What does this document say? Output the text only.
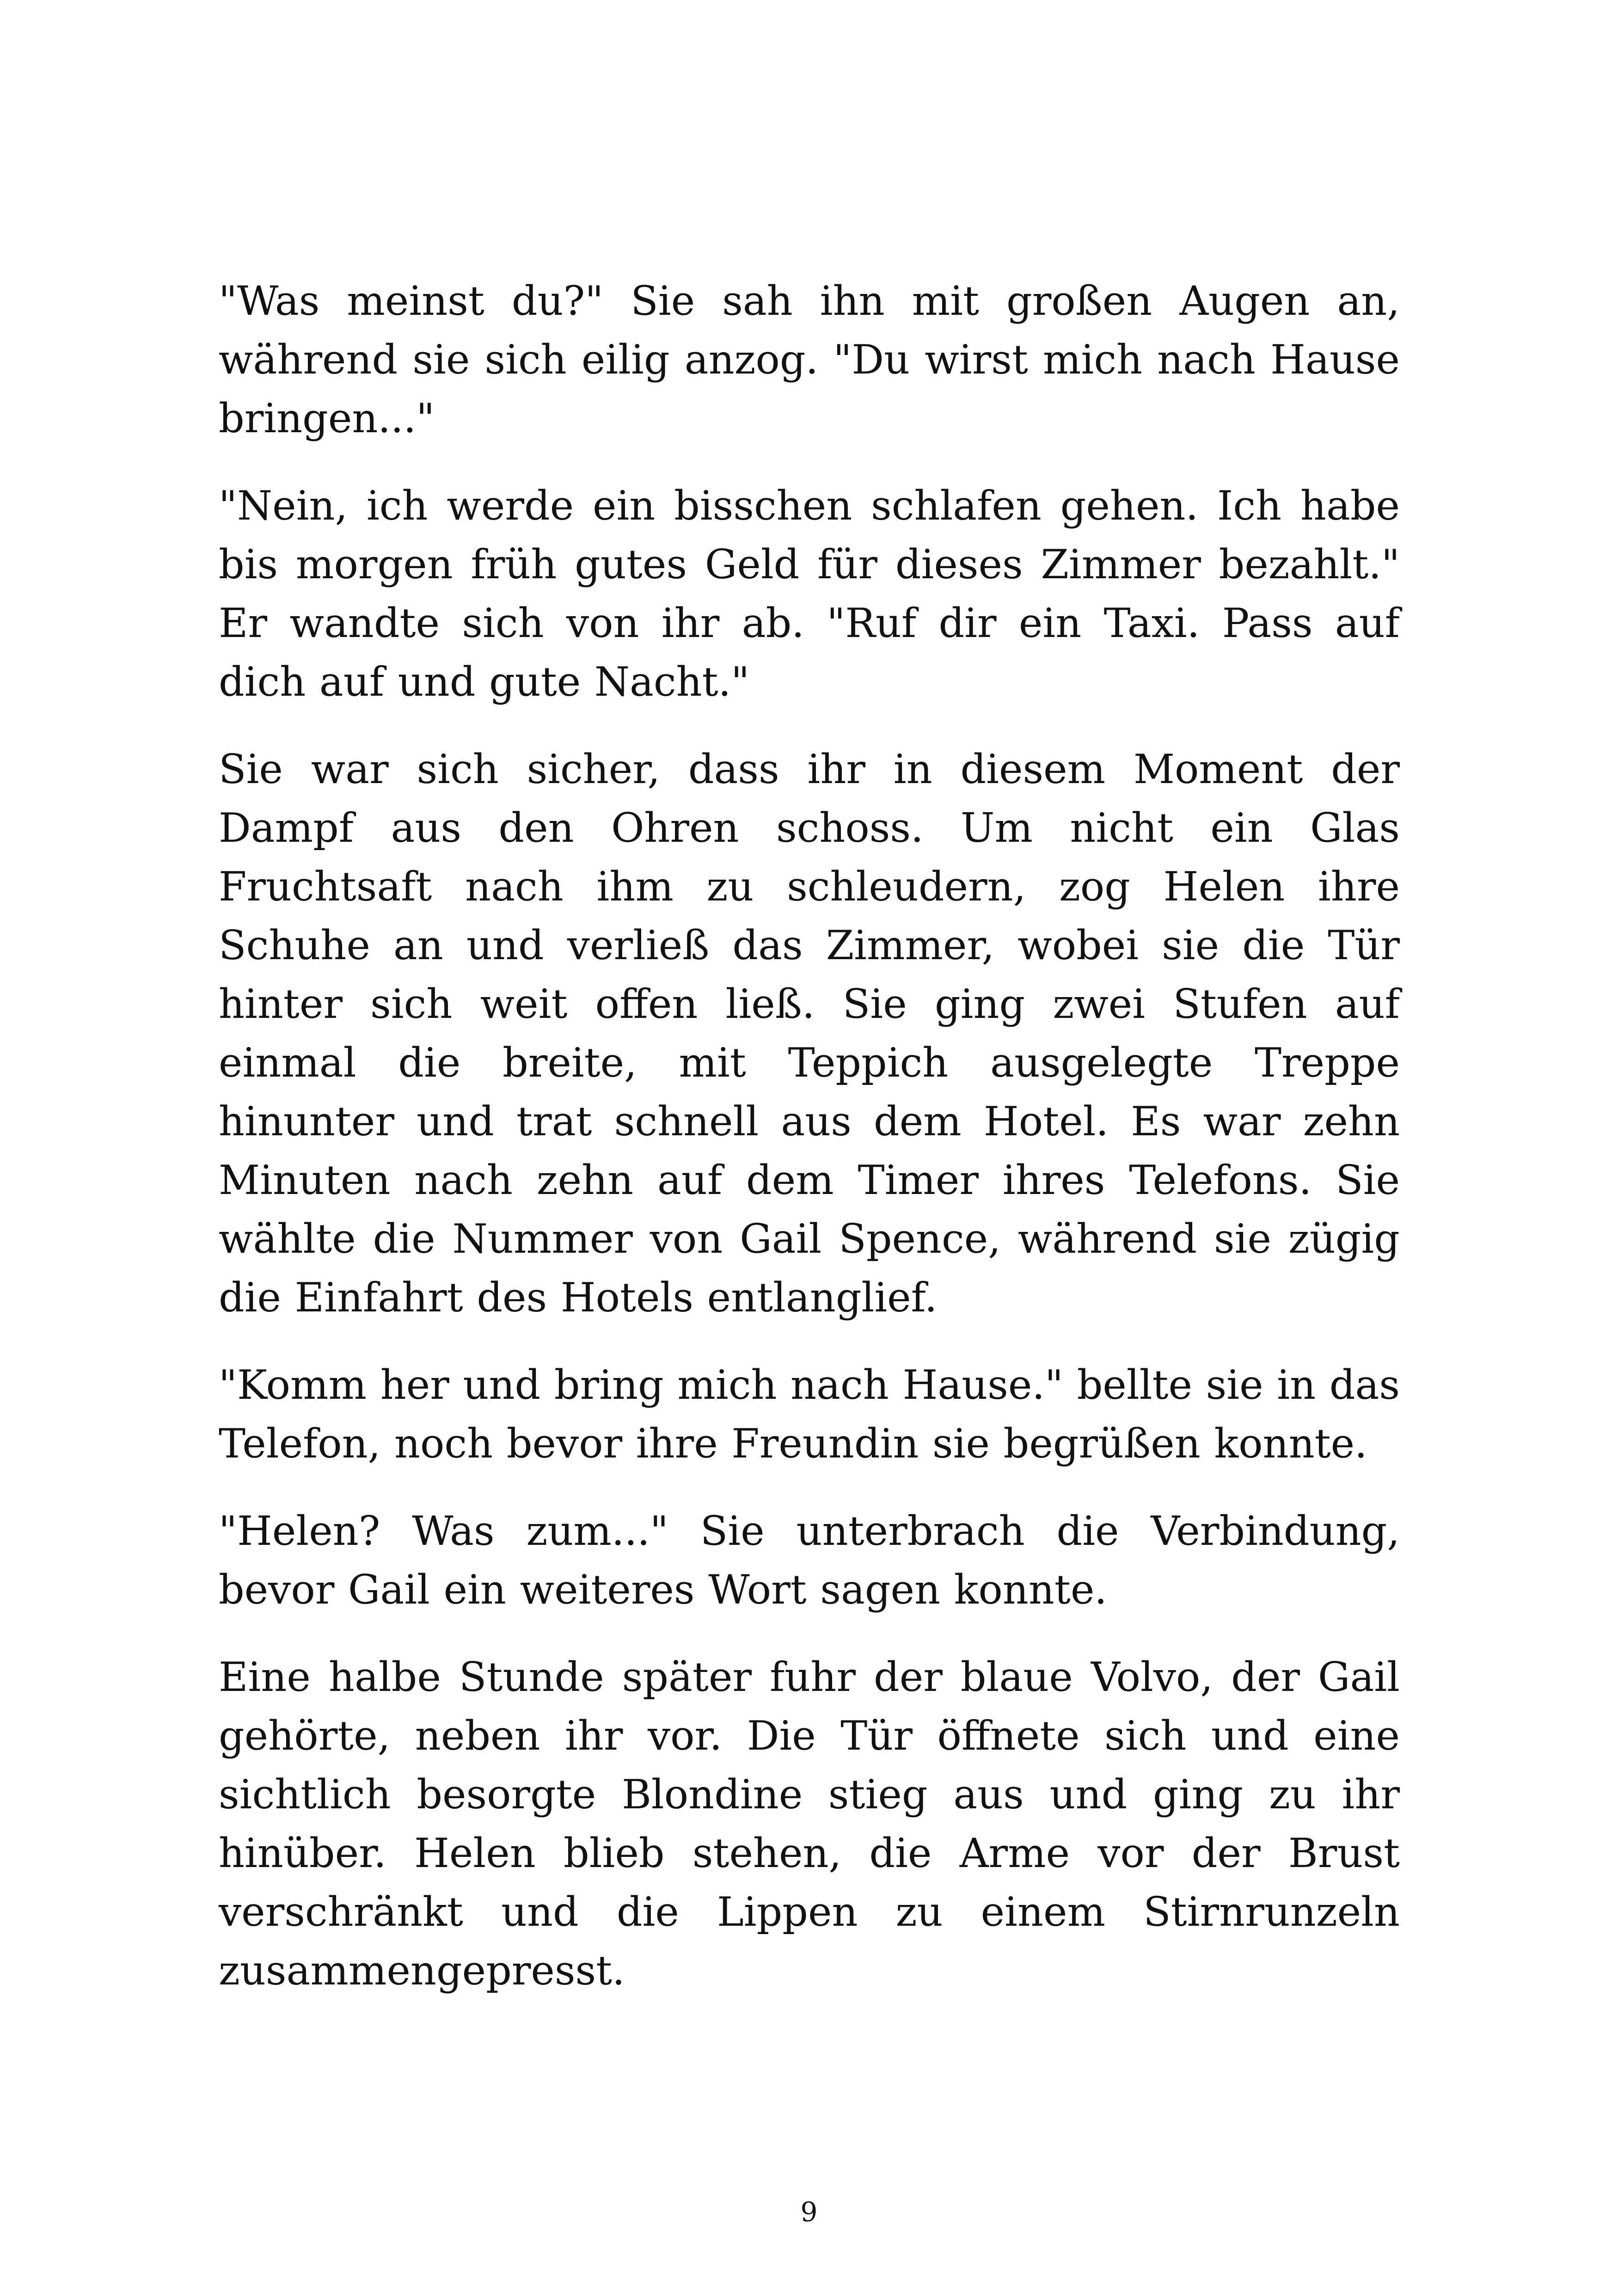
"Was meinst du?" Sie sah ihn mit großen Augen an, während sie sich eilig anzog. "Du wirst mich nach Hause bringen..."

"Nein, ich werde ein bisschen schlafen gehen. Ich habe bis morgen früh gutes Geld für dieses Zimmer bezahlt." Er wandte sich von ihr ab. "Ruf dir ein Taxi. Pass auf dich auf und gute Nacht."

Sie war sich sicher, dass ihr in diesem Moment der Dampf aus den Ohren schoss. Um nicht ein Glas Fruchtsaft nach ihm zu schleudern, zog Helen ihre Schuhe an und verließ das Zimmer, wobei sie die Tür hinter sich weit offen ließ. Sie ging zwei Stufen auf einmal die breite, mit Teppich ausgelegte Treppe hinunter und trat schnell aus dem Hotel. Es war zehn Minuten nach zehn auf dem Timer ihres Telefons. Sie wählte die Nummer von Gail Spence, während sie zügig die Einfahrt des Hotels entlanglief.

"Komm her und bring mich nach Hause." bellte sie in das Telefon, noch bevor ihre Freundin sie begrüßen konnte.

"Helen? Was zum..." Sie unterbrach die Verbindung, bevor Gail ein weiteres Wort sagen konnte.

Eine halbe Stunde später fuhr der blaue Volvo, der Gail gehörte, neben ihr vor. Die Tür öffnete sich und eine sichtlich besorgte Blondine stieg aus und ging zu ihr hinüber. Helen blieb stehen, die Arme vor der Brust verschränkt und die Lippen zu einem Stirnrunzeln zusammengepresst.

9
